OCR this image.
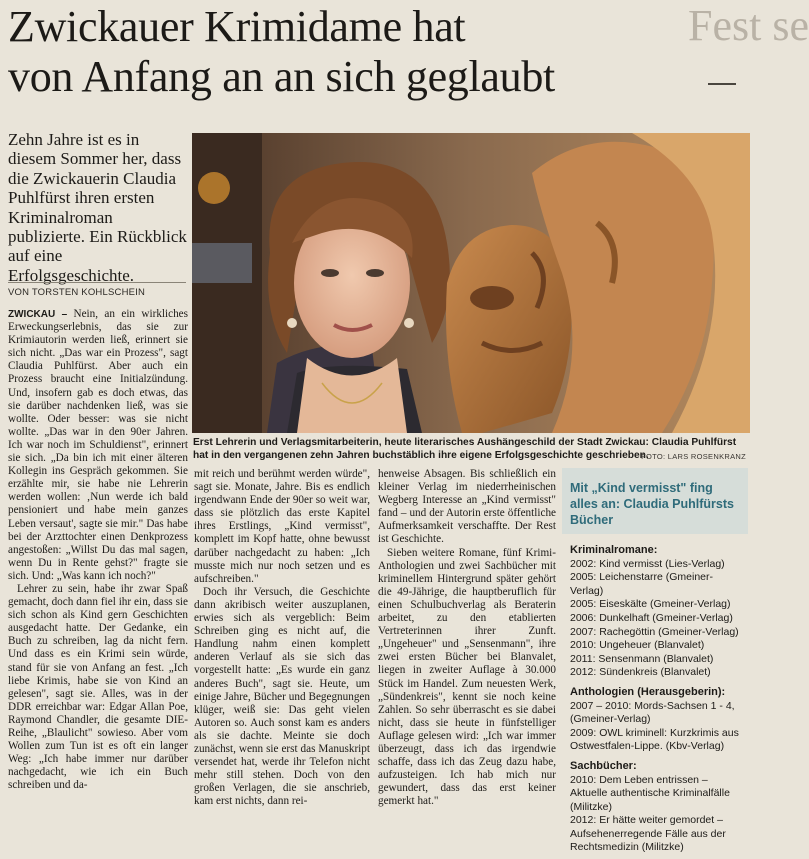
Zwickauer Krimidame hat
von Anfang an an sich geglaubt
Fest se

Zehn Jahre ist es in diesem Sommer her, dass die Zwickauerin Claudia Puhlfürst ihren ersten Kriminalroman publizierte. Ein Rückblick auf eine Erfolgsgeschichte.

VON TORSTEN KOHLSCHEIN
Erst Lehrerin und Verlagsmitarbeiterin, heute literarisches Aushängeschild der Stadt Zwickau: Claudia Puhlfürst hat in den vergangenen zehn Jahren buchstäblich ihre eigene Erfolgsgeschichte geschrieben.
FOTO: LARS ROSENKRANZ

ZWICKAU – Nein, an ein wirkliches Erweckungserlebnis, das sie zur Krimiautorin werden ließ, erinnert sie sich nicht. „Das war ein Prozess", sagt Claudia Puhlfürst. Aber auch ein Prozess braucht eine Initialzündung. Und, insofern gab es doch etwas, das sie darüber nachdenken ließ, was sie wollte. Oder besser: was sie nicht wollte. „Das war in den 90er Jahren. Ich war noch im Schuldienst", erinnert sie sich. „Da bin ich mit einer älteren Kollegin ins Gespräch gekommen. Sie erzählte mir, sie habe nie Lehrerin werden wollen: ‚Nun werde ich bald pensioniert und habe mein ganzes Leben versaut', sagte sie mir." Das habe bei der Arzttochter einen Denkprozess angestoßen: „Willst Du das mal sagen, wenn Du in Rente gehst?" fragte sie sich. Und: „Was kann ich noch?"

Lehrer zu sein, habe ihr zwar Spaß gemacht, doch dann fiel ihr ein, dass sie sich schon als Kind gern Geschichten ausgedacht hatte. Der Gedanke, ein Buch zu schreiben, lag da nicht fern. Und dass es ein Krimi sein würde, stand für sie von Anfang an fest. „Ich liebe Krimis, habe sie von Kind an gelesen", sagt sie. Alles, was in der DDR erreichbar war: Edgar Allan Poe, Raymond Chandler, die gesamte DIE-Reihe, „Blaulicht" sowieso. Aber vom Wollen zum Tun ist es oft ein langer Weg: „Ich habe immer nur darüber nachgedacht, wie ich ein Buch schreiben und da-

mit reich und berühmt werden würde", sagt sie. Monate, Jahre. Bis es endlich irgendwann Ende der 90er so weit war, dass sie plötzlich das erste Kapitel ihres Erstlings, „Kind vermisst", komplett im Kopf hatte, ohne bewusst darüber nachgedacht zu haben: „Ich musste mich nur noch setzen und es aufschreiben."

Doch ihr Versuch, die Geschichte dann akribisch weiter auszuplanen, erwies sich als vergeblich: Beim Schreiben ging es nicht auf, die Handlung nahm einen komplett anderen Verlauf als sie sich das vorgestellt hatte: „Es wurde ein ganz anderes Buch", sagt sie. Heute, um einige Jahre, Bücher und Begegnungen klüger, weiß sie: Das geht vielen Autoren so. Auch sonst kam es anders als sie dachte. Meinte sie doch zunächst, wenn sie erst das Manuskript versendet hat, werde ihr Telefon nicht mehr still stehen. Doch von den großen Verlagen, die sie anschrieb, kam erst nichts, dann rei-

henweise Absagen. Bis schließlich ein kleiner Verlag im niederrheinischen Wegberg Interesse an „Kind vermisst" fand – und der Autorin erste öffentliche Aufmerksamkeit verschaffte. Der Rest ist Geschichte.

Sieben weitere Romane, fünf Krimi-Anthologien und zwei Sachbücher mit kriminellem Hintergrund später gehört die 49-Jährige, die hauptberuflich für einen Schulbuchverlag als Beraterin arbeitet, zu den etablierten Vertreterinnen ihrer Zunft. „Ungeheuer" und „Sensenmann", ihre zwei ersten Bücher bei Blanvalet, liegen in zweiter Auflage à 30.000 Stück im Handel. Zum neuesten Werk, „Sündenkreis", kennt sie noch keine Zahlen. So sehr überrascht es sie dabei nicht, dass sie heute in fünfstelliger Auflage gelesen wird: „Ich war immer überzeugt, dass ich das irgendwie schaffe, dass ich das Zeug dazu habe, aufzusteigen. Ich hab mich nur gewundert, dass das erst keiner gemerkt hat."

Mit „Kind vermisst" fing alles an: Claudia Puhlfürsts Bücher
Kriminalromane:

2002: Kind vermisst (Lies-Verlag)

2005: Leichenstarre (Gmeiner-Verlag)

2005: Eiseskälte (Gmeiner-Verlag)

2006: Dunkelhaft (Gmeiner-Verlag)

2007: Rachegöttin (Gmeiner-Verlag)

2010: Ungeheuer (Blanvalet)

2011: Sensenmann (Blanvalet)

2012: Sündenkreis (Blanvalet)

Anthologien (Herausgeberin):

2007 – 2010: Mords-Sachsen 1 - 4, (Gmeiner-Verlag)

2009: OWL kriminell: Kurzkrimis aus Ostwestfalen-Lippe. (Kbv-Verlag)

Sachbücher:

2010: Dem Leben entrissen – Aktuelle authentische Kriminalfälle (Militzke)

2012: Er hätte weiter gemordet – Aufsehenerregende Fälle aus der Rechtsmedizin (Militzke)
